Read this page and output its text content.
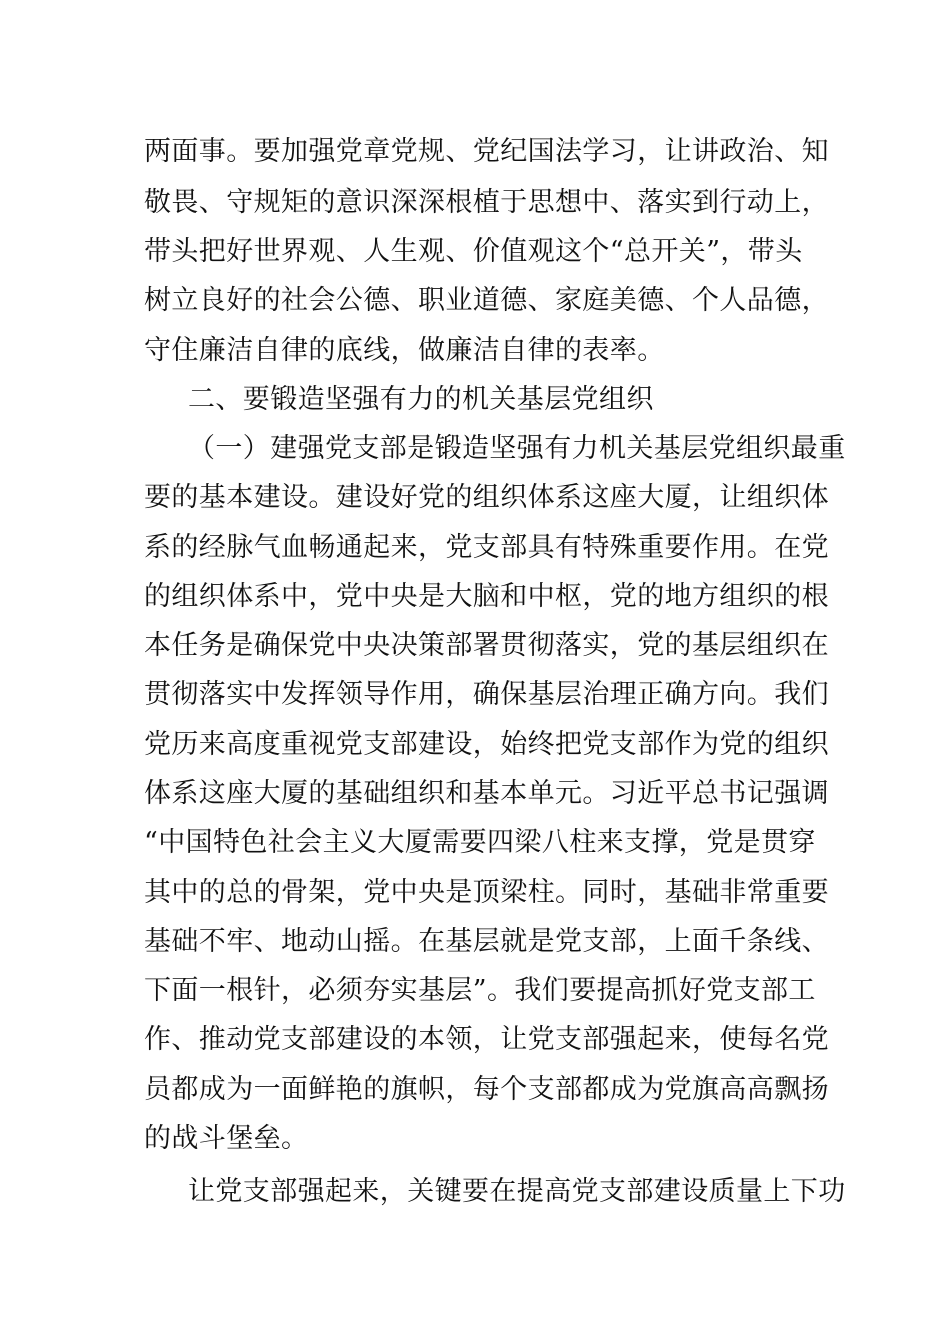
两面事。要加强党章党规、党纪国法学习，让讲政治、知
敬畏、守规矩的意识深深根植于思想中、落实到行动上，
带头把好世界观、人生观、价值观这个“总开关”，带头
树立良好的社会公德、职业道德、家庭美德、个人品德，
守住廉洁自律的底线，做廉洁自律的表率。
二、要锻造坚强有力的机关基层党组织
（一）建强党支部是锻造坚强有力机关基层党组织最重
要的基本建设。建设好党的组织体系这座大厦，让组织体
系的经脉气血畅通起来，党支部具有特殊重要作用。在党
的组织体系中，党中央是大脑和中枢，党的地方组织的根
本任务是确保党中央决策部署贯彻落实，党的基层组织在
贯彻落实中发挥领导作用，确保基层治理正确方向。我们
党历来高度重视党支部建设，始终把党支部作为党的组织
体系这座大厦的基础组织和基本单元。习近平总书记强调
“中国特色社会主义大厦需要四梁八柱来支撑，党是贯穿
其中的总的骨架，党中央是顶梁柱。同时，基础非常重要
基础不牢、地动山摇。在基层就是党支部，上面千条线、
下面一根针，必须夯实基层”。我们要提高抓好党支部工
作、推动党支部建设的本领，让党支部强起来，使每名党
员都成为一面鲜艳的旗帜，每个支部都成为党旗高高飘扬
的战斗堡垒。
让党支部强起来，关键要在提高党支部建设质量上下功
